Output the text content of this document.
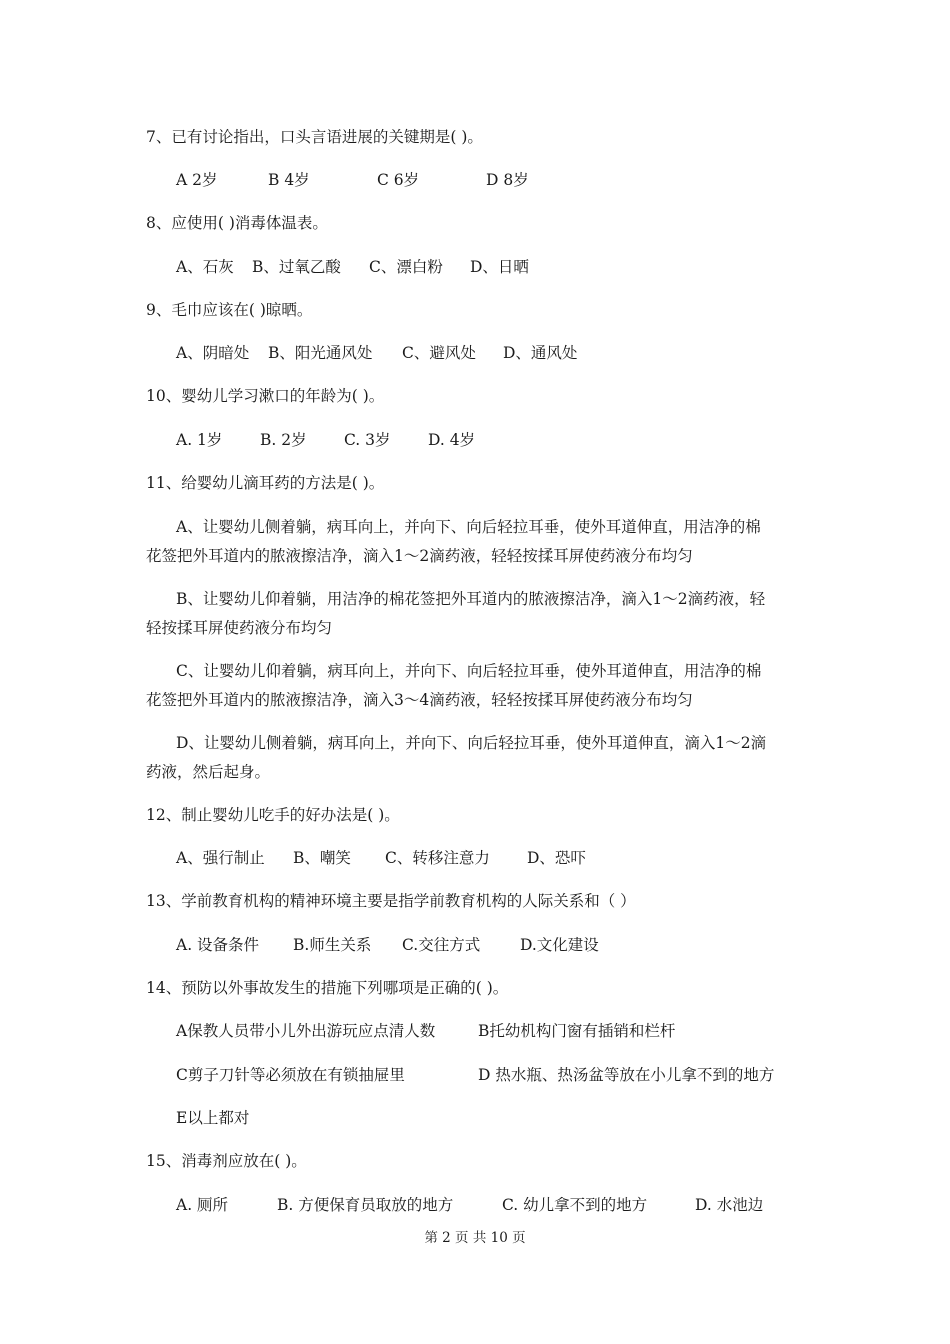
7、已有讨论指出，口头言语进展的关键期是( )。
A 2岁	B 4岁	C 6岁	D 8岁
8、应使用( )消毒体温表。
A、石灰 B、过氧乙酸 C、漂白粉 D、日晒
9、毛巾应该在( )晾晒。
A、阴暗处 B、阳光通风处 C、避风处 D、通风处
10、婴幼儿学习漱口的年龄为( )。
A. 1岁 B. 2岁 C. 3岁 D. 4岁
11、给婴幼儿滴耳药的方法是( )。
A、让婴幼儿侧着躺，病耳向上，并向下、向后轻拉耳垂，使外耳道伸直，用洁净的棉
花签把外耳道内的脓液擦洁净，滴入1～2滴药液，轻轻按揉耳屏使药液分布均匀
B、让婴幼儿仰着躺，用洁净的棉花签把外耳道内的脓液擦洁净，滴入1～2滴药液，轻
轻按揉耳屏使药液分布均匀
C、让婴幼儿仰着躺，病耳向上，并向下、向后轻拉耳垂，使外耳道伸直，用洁净的棉
花签把外耳道内的脓液擦洁净，滴入3～4滴药液，轻轻按揉耳屏使药液分布均匀
D、让婴幼儿侧着躺，病耳向上，并向下、向后轻拉耳垂，使外耳道伸直，滴入1～2滴
药液，然后起身。
12、制止婴幼儿吃手的好办法是( )。
A、强行制止 B、嘲笑 C、转移注意力 D、恐吓
13、学前教育机构的精神环境主要是指学前教育机构的人际关系和（ ）
A. 设备条件 B.师生关系 C.交往方式	D.文化建设
14、预防以外事故发生的措施下列哪项是正确的( )。
A保教人员带小儿外出游玩应点清人数	B托幼机构门窗有插销和栏杆
C剪子刀针等必须放在有锁抽屉里	D 热水瓶、热汤盆等放在小儿拿不到的地方
E以上都对
15、消毒剂应放在( )。
A. 厕所	B. 方便保育员取放的地方	C. 幼儿拿不到的地方	D. 水池边
第 2 页 共 10 页
